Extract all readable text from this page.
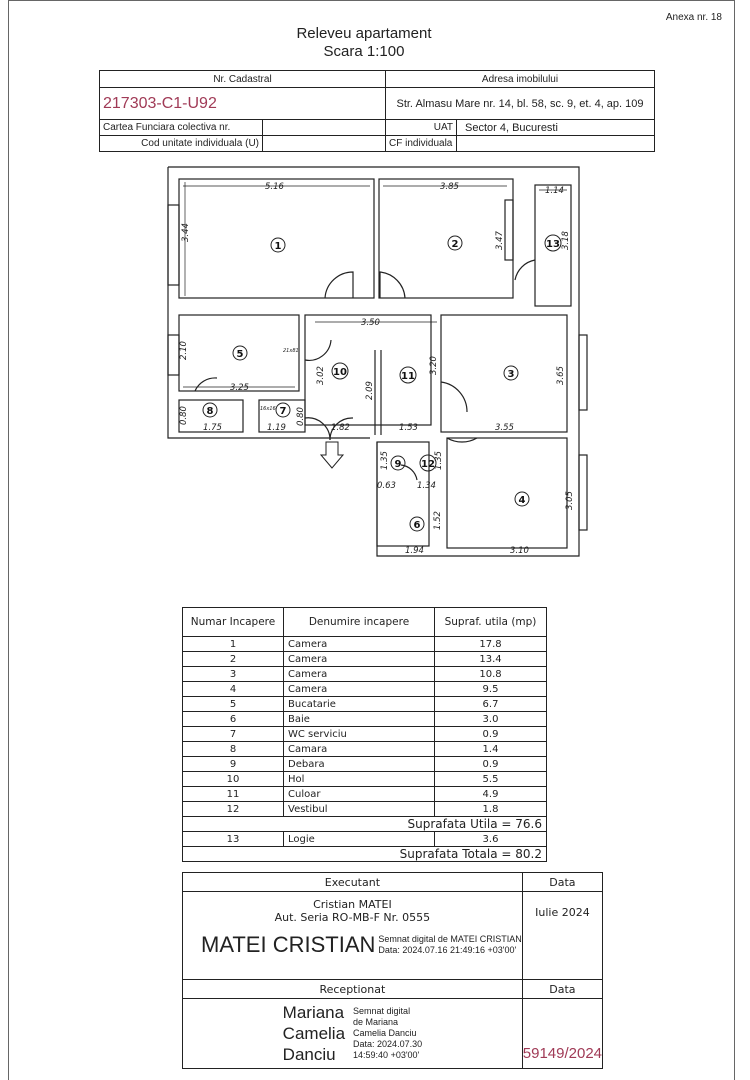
Anexa nr. 18
Releveu apartament
Scara 1:100
Nr. Cadastral		Adresa imobilului	
217303-C1-U92		Str. Almasu Mare nr. 14, bl. 58, sc. 9, et. 4, ap. 109	
Cartea Funciara colectiva nr.		UAT	Sector 4, Bucuresti
Cod unitate individuala (U)		CF individuala	
5.16	3.85	1.14
3.44	3.47	3.18
3.50
2.10	21x81
3.25
3.02
2.09
3.20
3.65
3.55
0.80
1.75
16x16
1.19
0.80
1.82	1.53
1.35
0.63 1.34
1.35
1.52
1.94
3.05
3.10
1	2
3
4
5
6
7
8
9
10	11
12
13
Numar Incapere	Denumire incapere	Supraf. utila (mp)
1	Camera	17.8
2	Camera	13.4
3	Camera	10.8
4	Camera	9.5
5	Bucatarie	6.7
6	Baie	3.0
7	WC serviciu	0.9
8	Camara	1.4
9	Debara	0.9
10	Hol	5.5
11	Culoar	4.9
12	Vestibul	1.8
Suprafata Utila = 76.6		
13	Logie	3.6
Suprafata Totala = 80.2		
Executant	Data

Cristian MATEI
Aut. Seria RO-MB-F Nr. 0555
MATEI CRISTIAN Semnat digital de MATEI CRISTIAN
Data: 2024.07.16 21:49:16 +03'00'	Iulie 2024
Receptionat	Data

Mariana
Camelia
Danciu
Semnat digital
de Mariana
Camelia Danciu
Data: 2024.07.30
14:59:40 +03'00'	59149/2024
